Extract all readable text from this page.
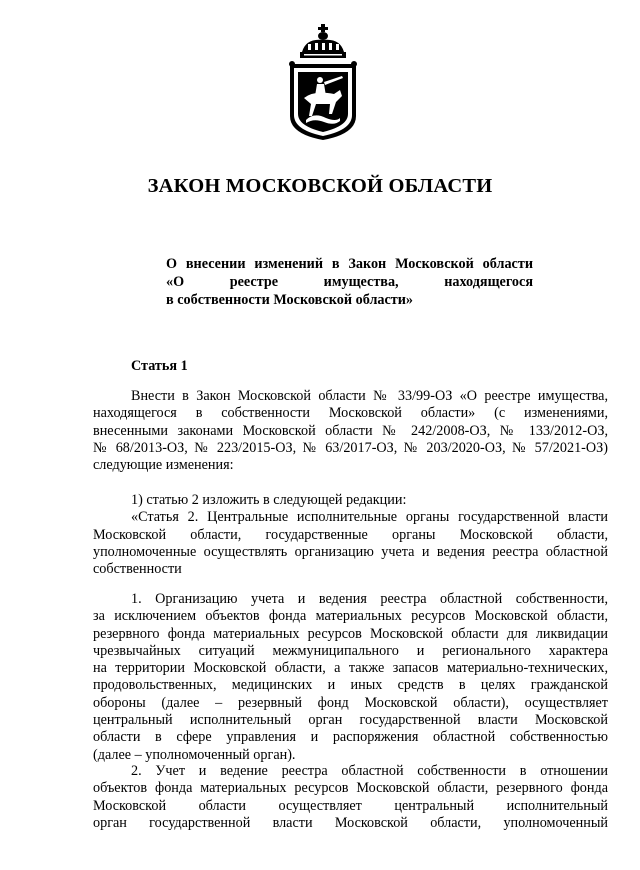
ЗАКОН МОСКОВСКОЙ ОБЛАСТИ
О внесении изменений в Закон Московской области
«О реестре имущества, находящегося
в собственности Московской области»
Статья 1
Внести в Закон Московской области № 33/99-ОЗ «О реестре имущества,
находящегося в собственности Московской области» (с изменениями,
внесенными законами Московской области № 242/2008-ОЗ, № 133/2012-ОЗ,
№ 68/2013-ОЗ, № 223/2015-ОЗ, № 63/2017-ОЗ, № 203/2020-ОЗ, № 57/2021-ОЗ)
следующие изменения:
1) статью 2 изложить в следующей редакции:
«Статья 2. Центральные исполнительные органы государственной власти
Московской области, государственные органы Московской области,
уполномоченные осуществлять организацию учета и ведения реестра областной
собственности
1. Организацию учета и ведения реестра областной собственности,
за исключением объектов фонда материальных ресурсов Московской области,
резервного фонда материальных ресурсов Московской области для ликвидации
чрезвычайных ситуаций межмуниципального и регионального характера
на территории Московской области, а также запасов материально-технических,
продовольственных, медицинских и иных средств в целях гражданской
обороны (далее – резервный фонд Московской области), осуществляет
центральный исполнительный орган государственной власти Московской
области в сфере управления и распоряжения областной собственностью
(далее – уполномоченный орган).
2. Учет и ведение реестра областной собственности в отношении
объектов фонда материальных ресурсов Московской области, резервного фонда
Московской области осуществляет центральный исполнительный
орган государственной власти Московской области, уполномоченный
